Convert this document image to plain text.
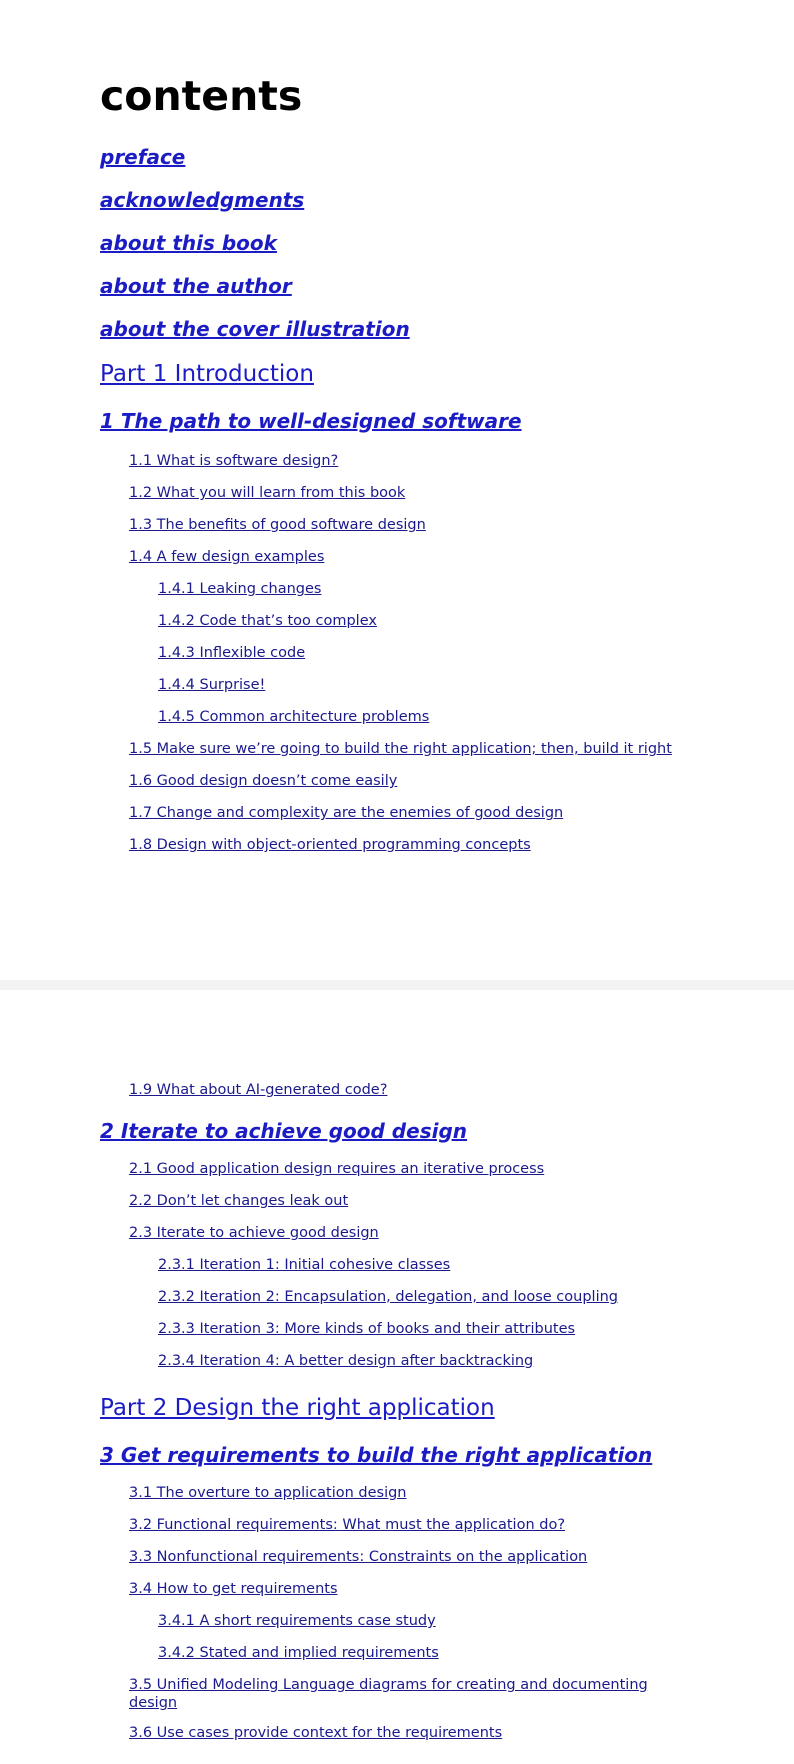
contents
preface
acknowledgments
about this book
about the author
about the cover illustration
Part 1 Introduction
1 The path to well-designed software
1.1 What is software design?
1.2 What you will learn from this book
1.3 The benefits of good software design
1.4 A few design examples
1.4.1 Leaking changes
1.4.2 Code that’s too complex
1.4.3 Inflexible code
1.4.4 Surprise!
1.4.5 Common architecture problems
1.5 Make sure we’re going to build the right application; then, build it right
1.6 Good design doesn’t come easily
1.7 Change and complexity are the enemies of good design
1.8 Design with object-oriented programming concepts
1.9 What about AI-generated code?
2 Iterate to achieve good design
2.1 Good application design requires an iterative process
2.2 Don’t let changes leak out
2.3 Iterate to achieve good design
2.3.1 Iteration 1: Initial cohesive classes
2.3.2 Iteration 2: Encapsulation, delegation, and loose coupling
2.3.3 Iteration 3: More kinds of books and their attributes
2.3.4 Iteration 4: A better design after backtracking
Part 2 Design the right application
3 Get requirements to build the right application
3.1 The overture to application design
3.2 Functional requirements: What must the application do?
3.3 Nonfunctional requirements: Constraints on the application
3.4 How to get requirements
3.4.1 A short requirements case study
3.4.2 Stated and implied requirements
3.5 Unified Modeling Language diagrams for creating and documenting design
3.6 Use cases provide context for the requirements
